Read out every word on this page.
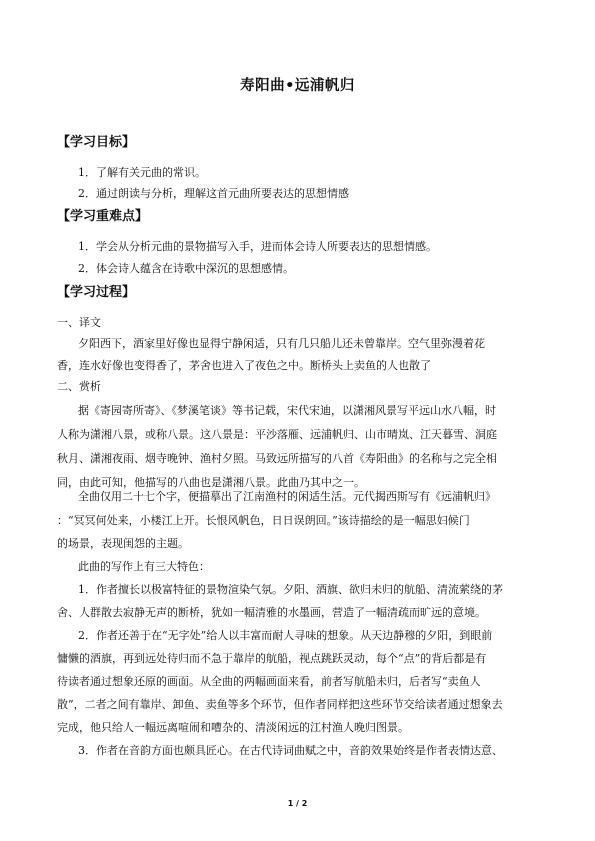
寿阳曲•远浦帆归
【学习目标】
1．了解有关元曲的常识。
2．通过朗读与分析，理解这首元曲所要表达的思想情感
【学习重难点】
1．学会从分析元曲的景物描写入手，进而体会诗人所要表达的思想情感。
2．体会诗人蕴含在诗歌中深沉的思想感情。
【学习过程】
一、译文
夕阳西下，酒家里好像也显得宁静闲适，只有几只船儿还未曾靠岸。空气里弥漫着花
香，连水好像也变得香了，茅舍也进入了夜色之中。断桥头上卖鱼的人也散了
二、赏析
据《寄园寄所寄》、《梦溪笔谈》等书记载，宋代宋迪，以潇湘风景写平远山水八幅，时
人称为潇湘八景，或称八景。这八景是：平沙落雁、远浦帆归、山市晴岚、江天暮雪、洞庭
秋月、潇湘夜雨、烟寺晚钟、渔村夕照。马致远所描写的八首《寿阳曲》的名称与之完全相
同，由此可知，他描写的八曲也是潇湘八景。此曲乃其中之一。
全曲仅用二十七个字，便描摹出了江南渔村的闲适生活。元代揭西斯写有《远浦帆归》
：“冥冥何处来，小楼江上开。长恨风帆色，日日误朗回。”该诗描绘的是一幅思妇候门
的场景，表现闺怨的主题。
此曲的写作上有三大特色：
1．作者擅长以极富特征的景物渲染气氛。夕阳、酒旗、欲归未归的航船、清流萦绕的茅
舍、人群散去寂静无声的断桥，犹如一幅清雅的水墨画，营造了一幅清疏而旷远的意境。
2．作者还善于在“无字处”给人以丰富而耐人寻味的想象。从天边静穆的夕阳，到眼前
慵懒的酒旗，再到远处待归而不急于靠岸的航船，视点跳跃灵动，每个“点”的背后都是有
待读者通过想象还原的画面。从全曲的两幅画面来看，前者写航船未归，后者写“卖鱼人
散”，二者之间有靠岸、卸鱼、卖鱼等多个环节，但作者同样把这些环节交给读者通过想象去
完成，他只给人一幅远离喧闹和嘈杂的、清淡闲远的江村渔人晚归图景。
3．作者在音韵方面也颇具匠心。在古代诗词曲赋之中，音韵效果始终是作者表情达意、
1 / 2
